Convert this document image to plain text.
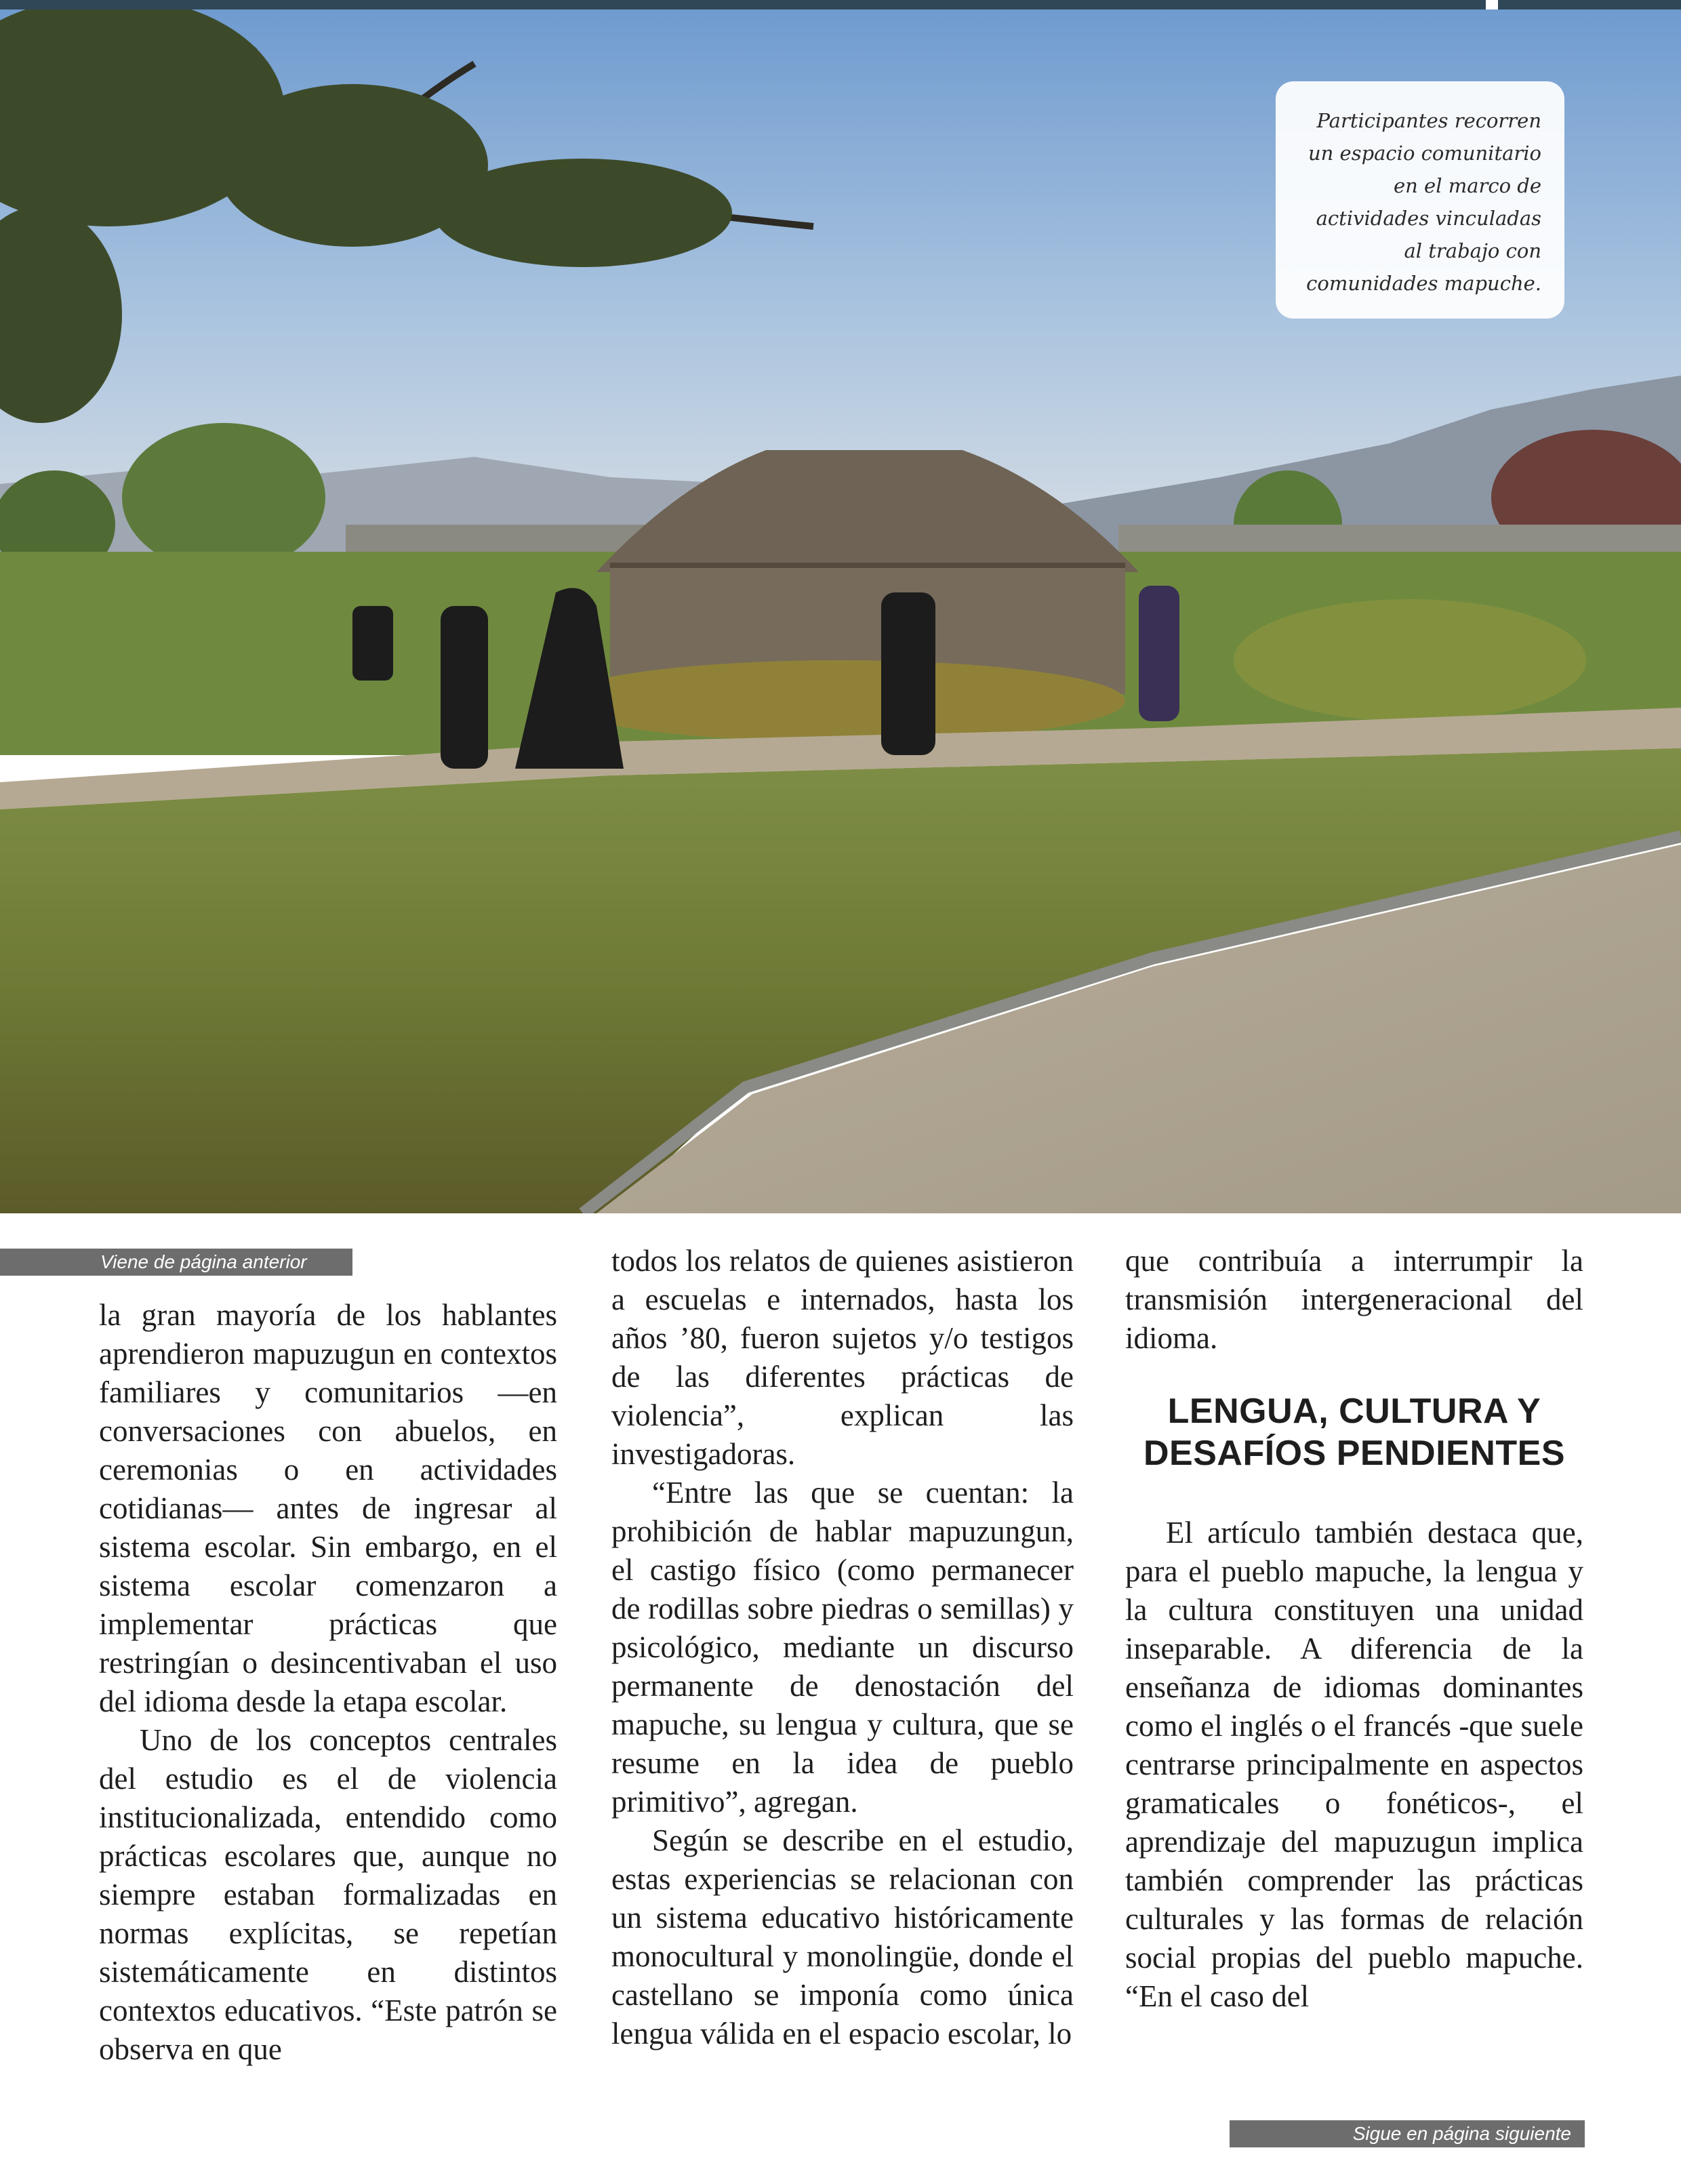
Participantes recorren un espacio comunitario en el marco de actividades vinculadas al trabajo con comunidades mapuche.

Viene de página anterior

la gran mayoría de los hablantes aprendieron mapuzugun en contextos familiares y comunitarios —en conversaciones con abuelos, en ceremonias o en actividades cotidianas— antes de ingresar al sistema escolar. Sin embargo, en el sistema escolar comenzaron a implementar prácticas que restringían o desincentivaban el uso del idioma desde la etapa escolar.

Uno de los conceptos centrales del estudio es el de violencia institucionalizada, entendido como prácticas escolares que, aunque no siempre estaban formalizadas en normas explícitas, se repetían sistemáticamente en distintos contextos educativos. “Este patrón se observa en que

todos los relatos de quienes asistieron a escuelas e internados, hasta los años ’80, fueron sujetos y/o testigos de las diferentes prácticas de violencia”, explican las investigadoras.

“Entre las que se cuentan: la prohibición de hablar mapuzungun, el castigo físico (como permanecer de rodillas sobre piedras o semillas) y psicológico, mediante un discurso permanente de denostación del mapuche, su lengua y cultura, que se resume en la idea de pueblo primitivo”, agregan.

Según se describe en el estudio, estas experiencias se relacionan con un sistema educativo históricamente monocultural y monolingüe, donde el castellano se imponía como única lengua válida en el espacio escolar, lo

que contribuía a interrumpir la transmisión intergeneracional del idioma.

LENGUA, CULTURA Y
DESAFÍOS PENDIENTES

El artículo también destaca que, para el pueblo mapuche, la lengua y la cultura constituyen una unidad inseparable. A diferencia de la enseñanza de idiomas dominantes como el inglés o el francés -que suele centrarse principalmente en aspectos gramaticales o fonéticos-, el aprendizaje del mapuzugun implica también comprender las prácticas culturales y las formas de relación social propias del pueblo mapuche. “En el caso del

Sigue en página siguiente
